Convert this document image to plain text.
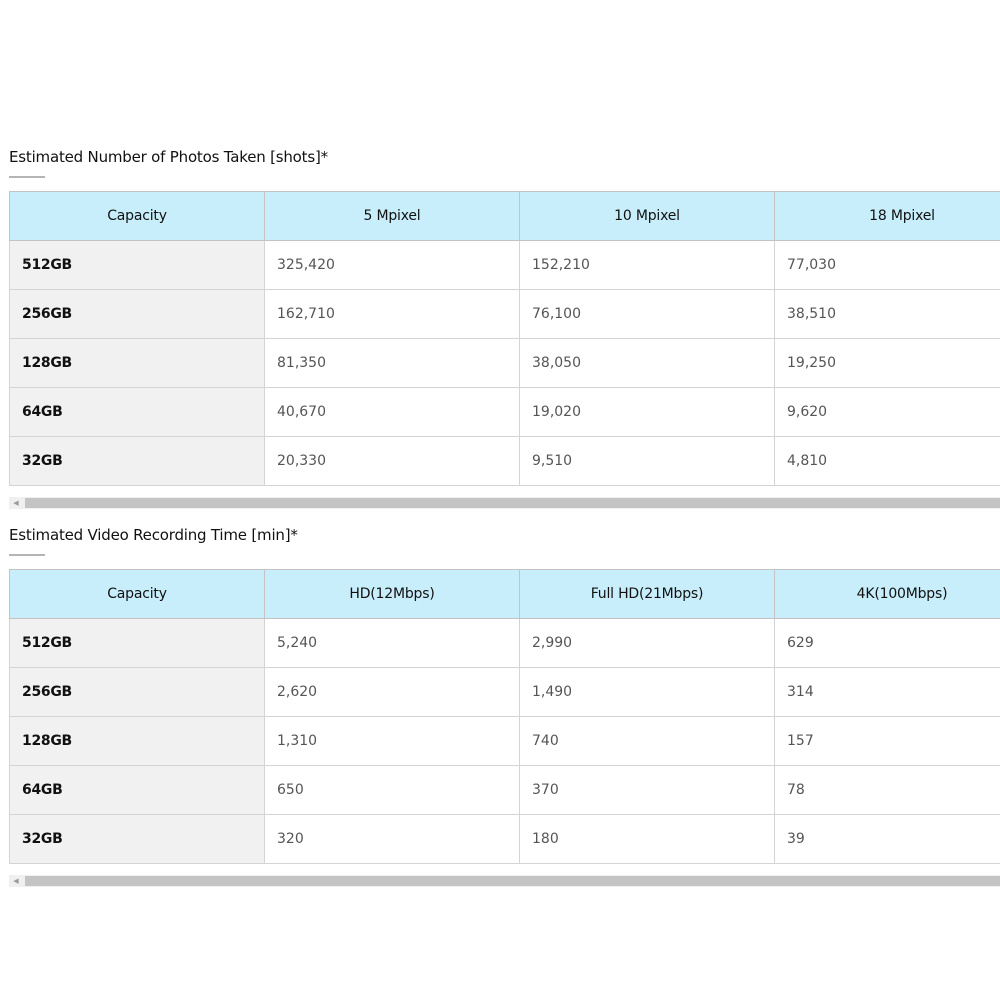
Estimated Number of Photos Taken [shots]*
Capacity	5 Mpixel	10 Mpixel	18 Mpixel
512GB	325,420	152,210	77,030
256GB	162,710	76,100	38,510
128GB	81,350	38,050	19,250
64GB	40,670	19,020	9,620
32GB	20,330	9,510	4,810
◀
Estimated Video Recording Time [min]*
Capacity	HD(12Mbps)	Full HD(21Mbps)	4K(100Mbps)
512GB	5,240	2,990	629
256GB	2,620	1,490	314
128GB	1,310	740	157
64GB	650	370	78
32GB	320	180	39
◀
